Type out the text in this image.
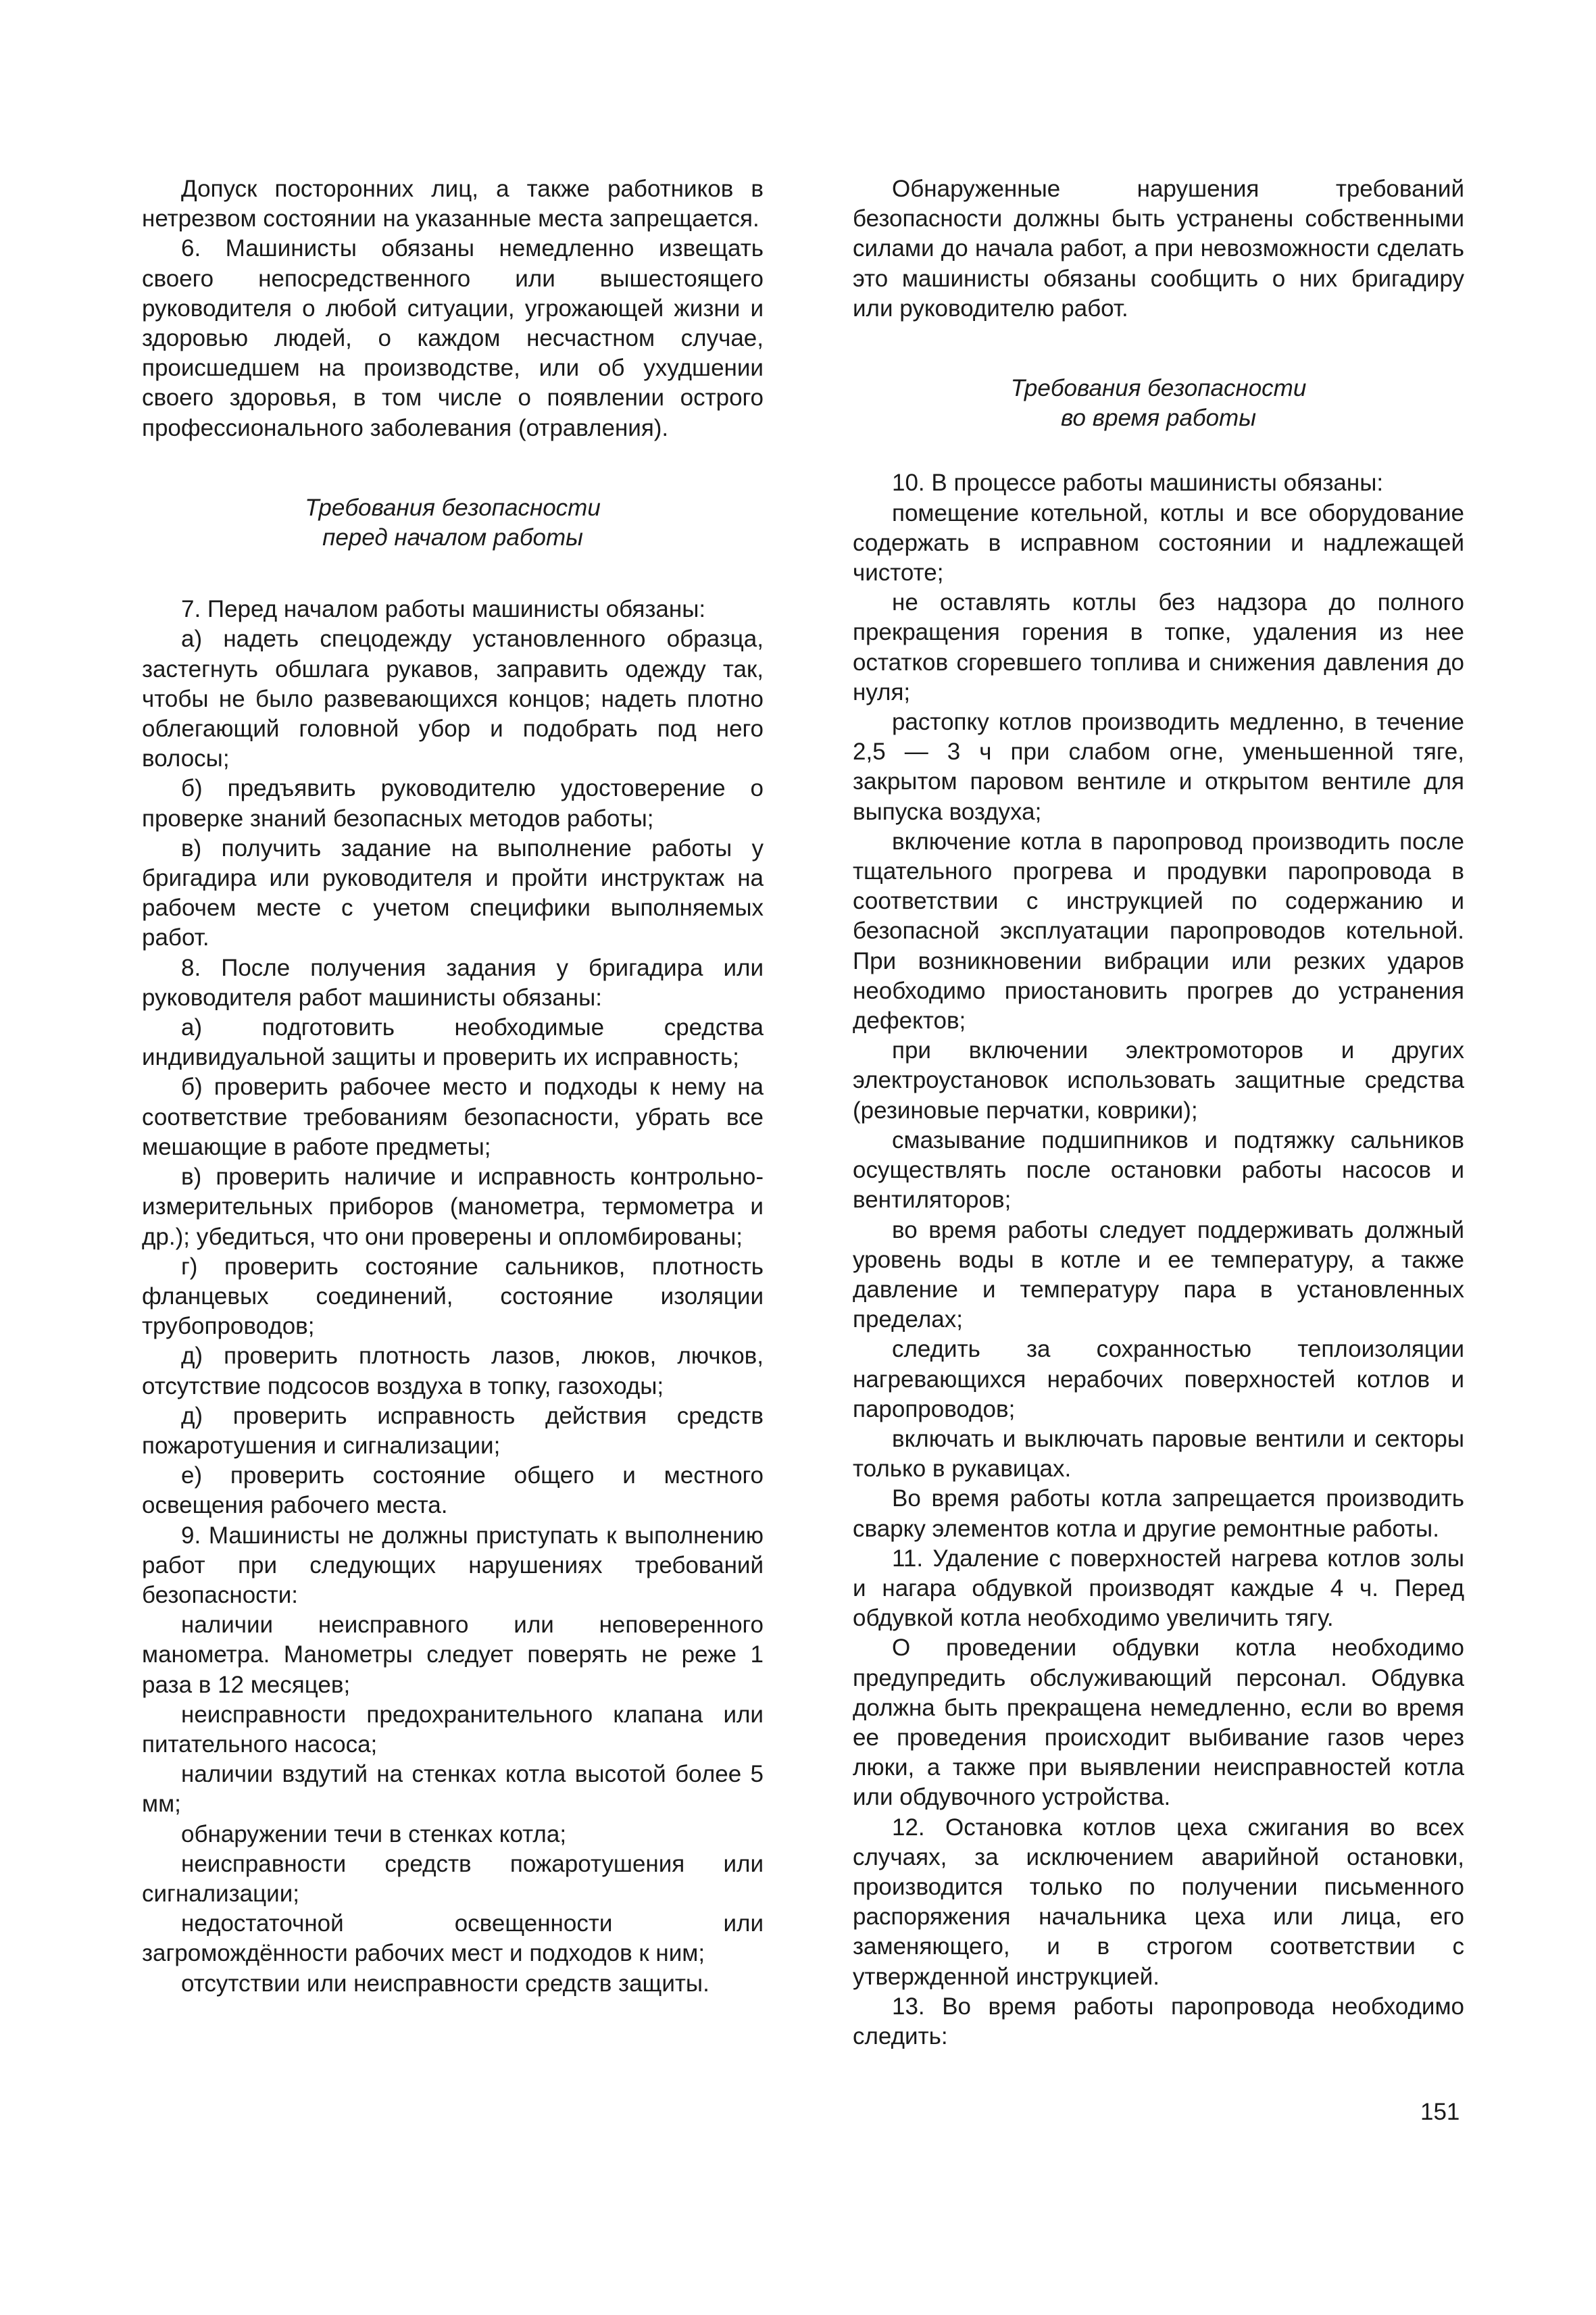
Допуск посторонних лиц, а также работников в нетрезвом состоянии на указанные места запрещается.

6. Машинисты обязаны немедленно извещать своего непосредственного или вышестоящего руководителя о любой ситуации, угрожающей жизни и здоровью людей, о каждом несчастном случае, происшедшем на производстве, или об ухудшении своего здоровья, в том числе о появлении острого профессионального заболевания (отравления).

Требования безопасности
перед началом работы

7. Перед началом работы машинисты обязаны:

а) надеть спецодежду установленного образца, застегнуть обшлага рукавов, заправить одежду так, чтобы не было развевающихся концов; надеть плотно облегающий головной убор и подобрать под него волосы;

б) предъявить руководителю удостоверение о проверке знаний безопасных методов работы;

в) получить задание на выполнение работы у бригадира или руководителя и пройти инструктаж на рабочем месте с учетом специфики выполняемых работ.

8. После получения задания у бригадира или руководителя работ машинисты обязаны:

а) подготовить необходимые средства индивидуальной защиты и проверить их исправность;

б) проверить рабочее место и подходы к нему на соответствие требованиям безопасности, убрать все мешающие в работе предметы;

в) проверить наличие и исправность контрольно-измерительных приборов (манометра, термометра и др.); убедиться, что они проверены и опломбированы;

г) проверить состояние сальников, плотность фланцевых соединений, состояние изоляции трубопроводов;

д) проверить плотность лазов, люков, лючков, отсутствие подсосов воздуха в топку, газоходы;

д) проверить исправность действия средств пожаротушения и сигнализации;

е) проверить состояние общего и местного освещения рабочего места.

9. Машинисты не должны приступать к выполнению работ при следующих нарушениях требований безопасности:

наличии неисправного или неповеренного манометра. Манометры следует поверять не реже 1 раза в 12 месяцев;

неисправности предохранительного клапана или питательного насоса;

наличии вздутий на стенках котла высотой более 5 мм;

обнаружении течи в стенках котла;

неисправности средств пожаротушения или сигнализации;

недостаточной освещенности или загромождённости рабочих мест и подходов к ним;

отсутствии или неисправности средств защиты.

Обнаруженные нарушения требований безопасности должны быть устранены собственными силами до начала работ, а при невозможности сделать это машинисты обязаны сообщить о них бригадиру или руководителю работ.

Требования безопасности
во время работы

10. В процессе работы машинисты обязаны:

помещение котельной, котлы и все оборудование содержать в исправном состоянии и надлежащей чистоте;

не оставлять котлы без надзора до полного прекращения горения в топке, удаления из нее остатков сгоревшего топлива и снижения давления до нуля;

растопку котлов производить медленно, в течение 2,5 — 3 ч при слабом огне, уменьшенной тяге, закрытом паровом вентиле и открытом вентиле для выпуска воздуха;

включение котла в паропровод производить после тщательного прогрева и продувки паропровода в соответствии с инструкцией по содержанию и безопасной эксплуатации паропроводов котельной. При возникновении вибрации или резких ударов необходимо приостановить прогрев до устранения дефектов;

при включении электромоторов и других электроустановок использовать защитные средства (резиновые перчатки, коврики);

смазывание подшипников и подтяжку сальников осуществлять после остановки работы насосов и вентиляторов;

во время работы следует поддерживать должный уровень воды в котле и ее температуру, а также давление и температуру пара в установленных пределах;

следить за сохранностью теплоизоляции нагревающихся нерабочих поверхностей котлов и паропроводов;

включать и выключать паровые вентили и секторы только в рукавицах.

Во время работы котла запрещается производить сварку элементов котла и другие ремонтные работы.

11. Удаление с поверхностей нагрева котлов золы и нагара обдувкой производят каждые 4 ч. Перед обдувкой котла необходимо увеличить тягу.

О проведении обдувки котла необходимо предупредить обслуживающий персонал. Обдувка должна быть прекращена немедленно, если во время ее проведения происходит выбивание газов через люки, а также при выявлении неисправностей котла или обдувочного устройства.

12. Остановка котлов цеха сжигания во всех случаях, за исключением аварийной остановки, производится только по получении письменного распоряжения начальника цеха или лица, его заменяющего, и в строгом соответствии с утвержденной инструкцией.

13. Во время работы паропровода необходимо следить:

151
